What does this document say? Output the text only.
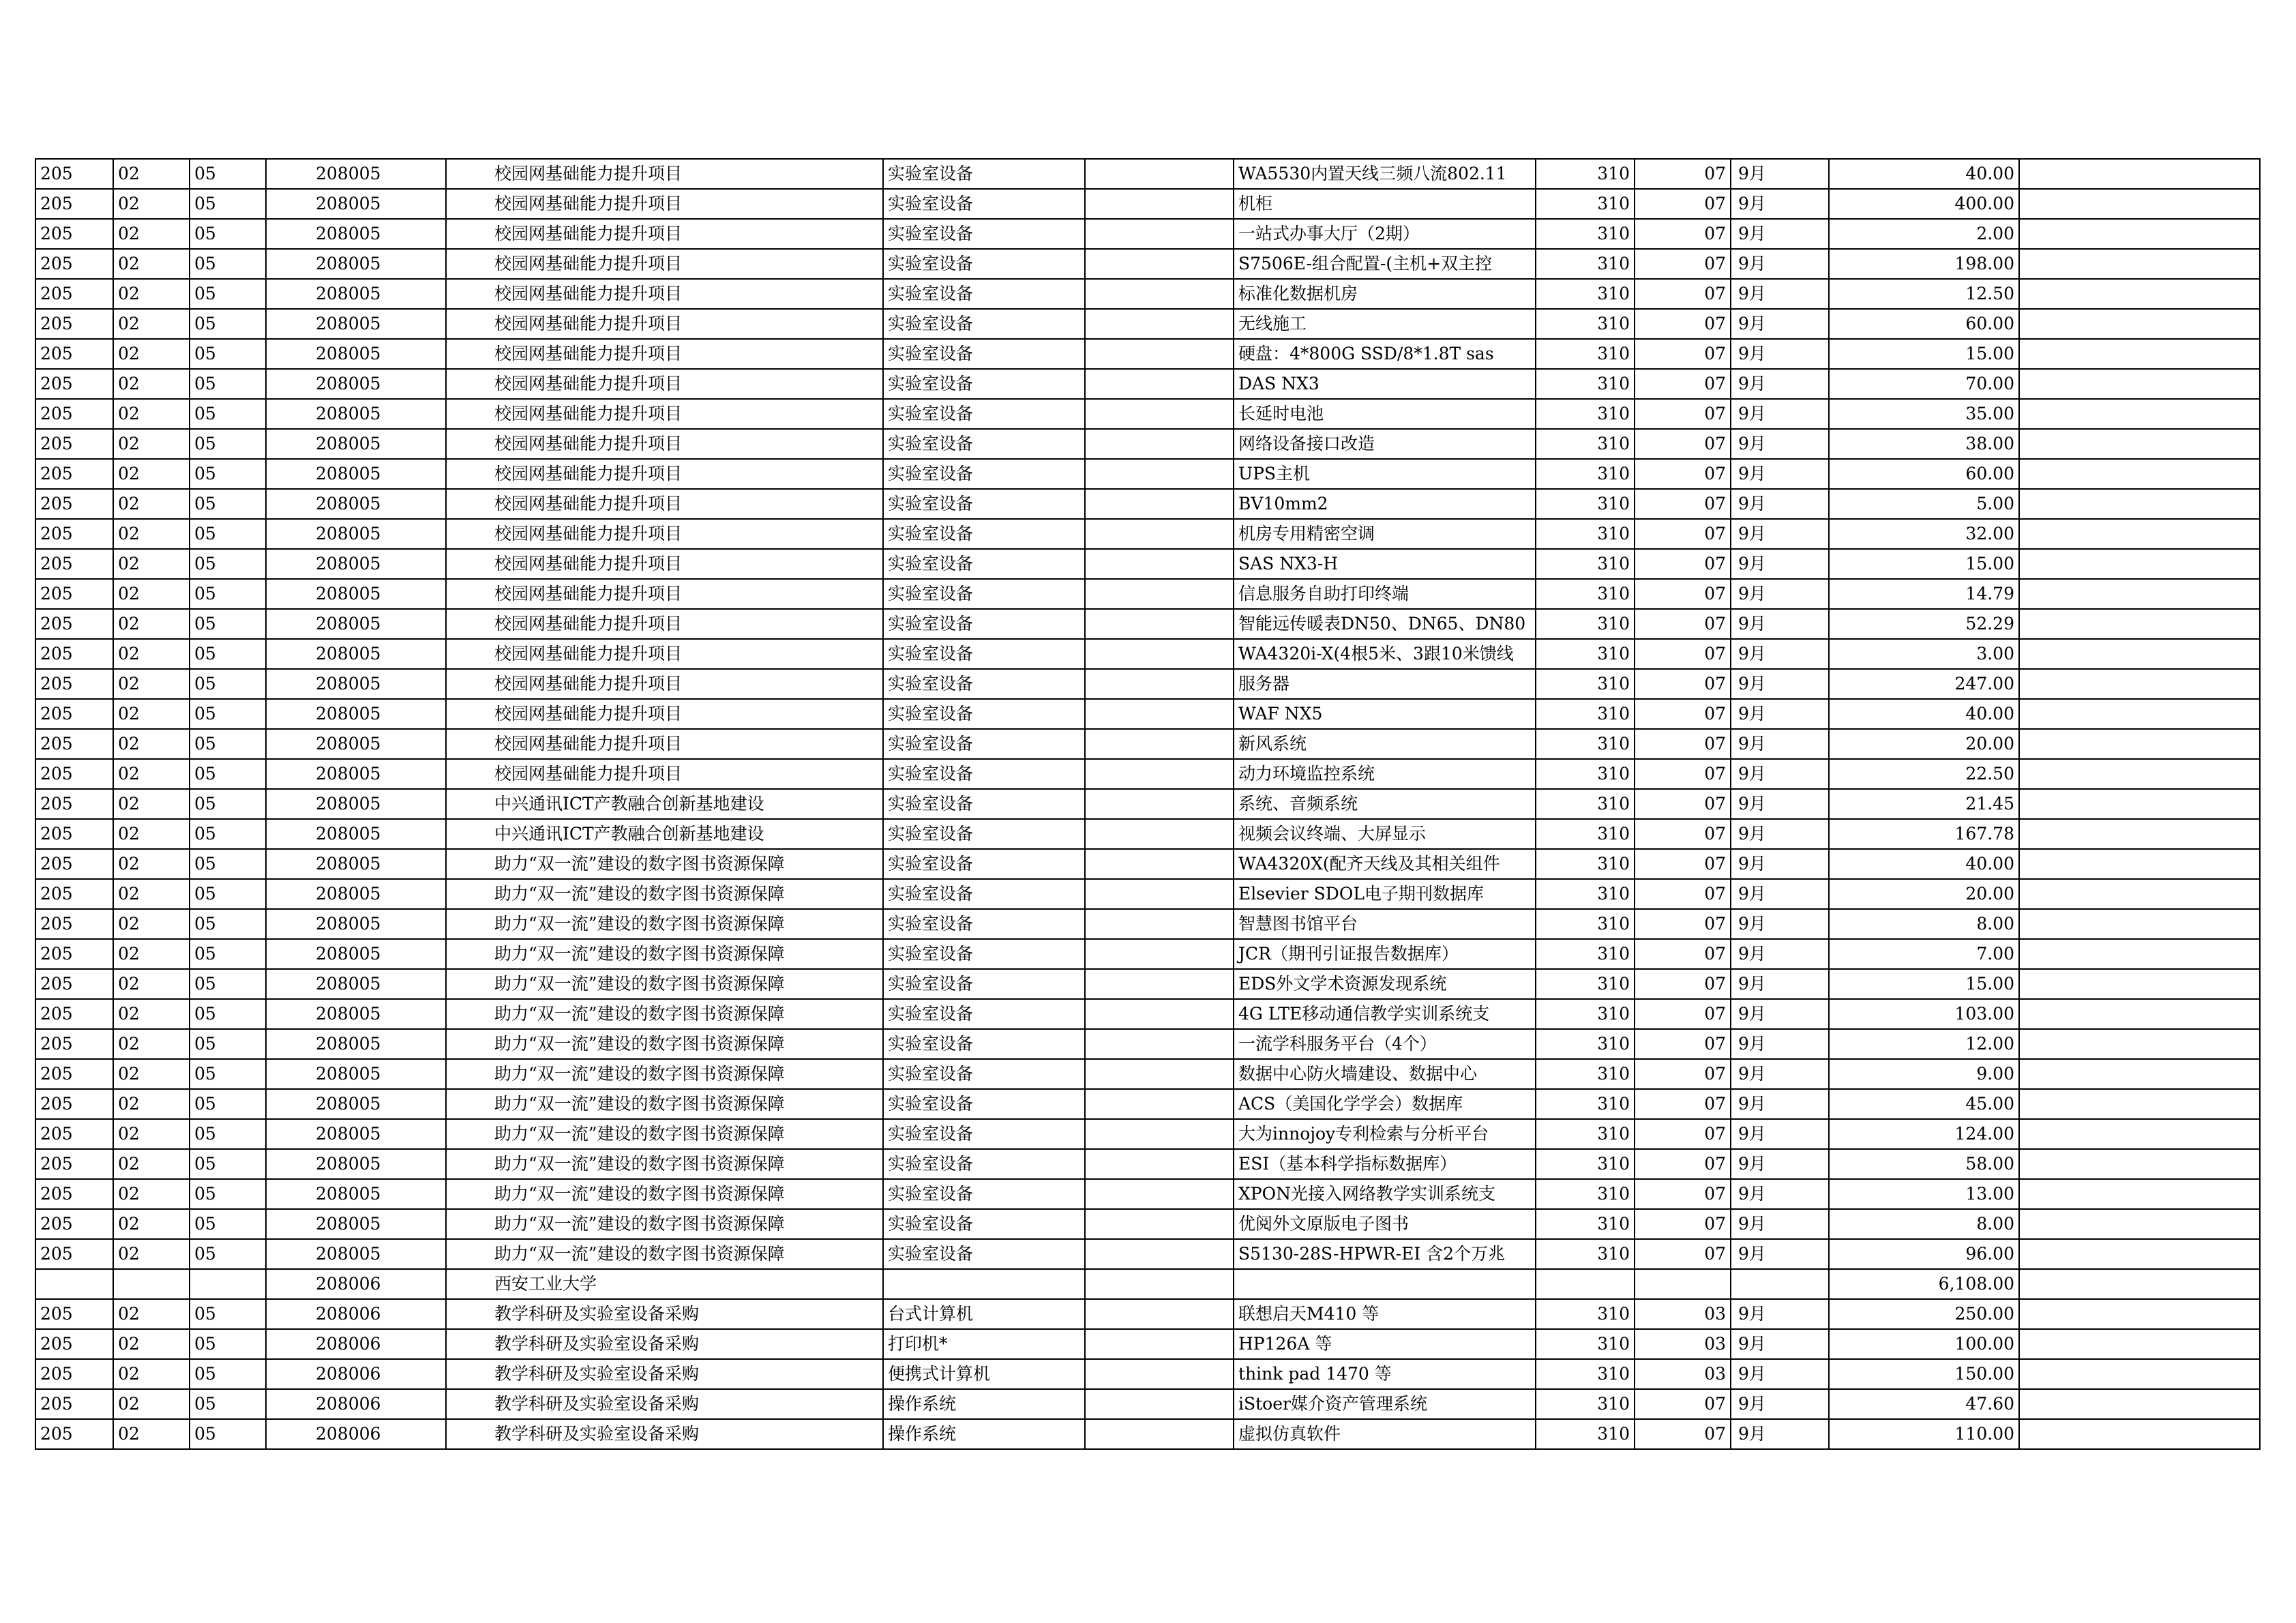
205	02	05	208005	校园网基础能力提升项目	实验室设备		WA5530内置天线三频八流802.11	310	07	9月	40.00	
205	02	05	208005	校园网基础能力提升项目	实验室设备		机柜	310	07	9月	400.00	
205	02	05	208005	校园网基础能力提升项目	实验室设备		一站式办事大厅（2期）	310	07	9月	2.00	
205	02	05	208005	校园网基础能力提升项目	实验室设备		S7506E-组合配置-(主机+双主控	310	07	9月	198.00	
205	02	05	208005	校园网基础能力提升项目	实验室设备		标准化数据机房	310	07	9月	12.50	
205	02	05	208005	校园网基础能力提升项目	实验室设备		无线施工	310	07	9月	60.00	
205	02	05	208005	校园网基础能力提升项目	实验室设备		硬盘：4*800G SSD/8*1.8T sas	310	07	9月	15.00	
205	02	05	208005	校园网基础能力提升项目	实验室设备		DAS NX3	310	07	9月	70.00	
205	02	05	208005	校园网基础能力提升项目	实验室设备		长延时电池	310	07	9月	35.00	
205	02	05	208005	校园网基础能力提升项目	实验室设备		网络设备接口改造	310	07	9月	38.00	
205	02	05	208005	校园网基础能力提升项目	实验室设备		UPS主机	310	07	9月	60.00	
205	02	05	208005	校园网基础能力提升项目	实验室设备		BV10mm2	310	07	9月	5.00	
205	02	05	208005	校园网基础能力提升项目	实验室设备		机房专用精密空调	310	07	9月	32.00	
205	02	05	208005	校园网基础能力提升项目	实验室设备		SAS NX3-H	310	07	9月	15.00	
205	02	05	208005	校园网基础能力提升项目	实验室设备		信息服务自助打印终端	310	07	9月	14.79	
205	02	05	208005	校园网基础能力提升项目	实验室设备		智能远传暖表DN50、DN65、DN80	310	07	9月	52.29	
205	02	05	208005	校园网基础能力提升项目	实验室设备		WA4320i-X(4根5米、3跟10米馈线	310	07	9月	3.00	
205	02	05	208005	校园网基础能力提升项目	实验室设备		服务器	310	07	9月	247.00	
205	02	05	208005	校园网基础能力提升项目	实验室设备		WAF NX5	310	07	9月	40.00	
205	02	05	208005	校园网基础能力提升项目	实验室设备		新风系统	310	07	9月	20.00	
205	02	05	208005	校园网基础能力提升项目	实验室设备		动力环境监控系统	310	07	9月	22.50	
205	02	05	208005	中兴通讯ICT产教融合创新基地建设	实验室设备		系统、音频系统	310	07	9月	21.45	
205	02	05	208005	中兴通讯ICT产教融合创新基地建设	实验室设备		视频会议终端、大屏显示	310	07	9月	167.78	
205	02	05	208005	助力“双一流”建设的数字图书资源保障	实验室设备		WA4320X(配齐天线及其相关组件	310	07	9月	40.00	
205	02	05	208005	助力“双一流”建设的数字图书资源保障	实验室设备		Elsevier SDOL电子期刊数据库	310	07	9月	20.00	
205	02	05	208005	助力“双一流”建设的数字图书资源保障	实验室设备		智慧图书馆平台	310	07	9月	8.00	
205	02	05	208005	助力“双一流”建设的数字图书资源保障	实验室设备		JCR（期刊引证报告数据库）	310	07	9月	7.00	
205	02	05	208005	助力“双一流”建设的数字图书资源保障	实验室设备		EDS外文学术资源发现系统	310	07	9月	15.00	
205	02	05	208005	助力“双一流”建设的数字图书资源保障	实验室设备		4G LTE移动通信教学实训系统支	310	07	9月	103.00	
205	02	05	208005	助力“双一流”建设的数字图书资源保障	实验室设备		一流学科服务平台（4个）	310	07	9月	12.00	
205	02	05	208005	助力“双一流”建设的数字图书资源保障	实验室设备		数据中心防火墙建设、数据中心	310	07	9月	9.00	
205	02	05	208005	助力“双一流”建设的数字图书资源保障	实验室设备		ACS（美国化学学会）数据库	310	07	9月	45.00	
205	02	05	208005	助力“双一流”建设的数字图书资源保障	实验室设备		大为innojoy专利检索与分析平台	310	07	9月	124.00	
205	02	05	208005	助力“双一流”建设的数字图书资源保障	实验室设备		ESI（基本科学指标数据库）	310	07	9月	58.00	
205	02	05	208005	助力“双一流”建设的数字图书资源保障	实验室设备		XPON光接入网络教学实训系统支	310	07	9月	13.00	
205	02	05	208005	助力“双一流”建设的数字图书资源保障	实验室设备		优阅外文原版电子图书	310	07	9月	8.00	
205	02	05	208005	助力“双一流”建设的数字图书资源保障	实验室设备		S5130-28S-HPWR-EI 含2个万兆	310	07	9月	96.00	
			208006	西安工业大学							6,108.00	
205	02	05	208006	教学科研及实验室设备采购	台式计算机		联想启天M410 等	310	03	9月	250.00	
205	02	05	208006	教学科研及实验室设备采购	打印机*		HP126A 等	310	03	9月	100.00	
205	02	05	208006	教学科研及实验室设备采购	便携式计算机		think pad 1470 等	310	03	9月	150.00	
205	02	05	208006	教学科研及实验室设备采购	操作系统		iStoer媒介资产管理系统	310	07	9月	47.60	
205	02	05	208006	教学科研及实验室设备采购	操作系统		虚拟仿真软件	310	07	9月	110.00	
